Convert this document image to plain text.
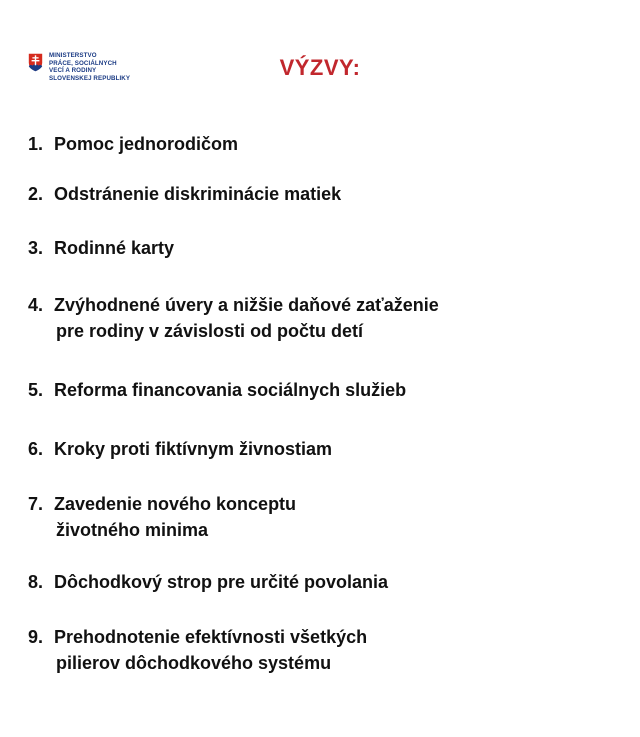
MINISTERSTVO
PRÁCE, SOCIÁLNYCH
VECÍ A RODINY
SLOVENSKEJ REPUBLIKY	VÝZVY:
1. Pomoc jednorodičom
2. Odstránenie diskriminácie matiek
3. Rodinné karty
4. Zvýhodnené úvery a nižšie daňové zaťaženie
pre rodiny v závislosti od počtu detí
5. Reforma financovania sociálnych služieb
6. Kroky proti fiktívnym živnostiam
7. Zavedenie nového konceptu
životného minima
8. Dôchodkový strop pre určité povolania
9. Prehodnotenie efektívnosti všetkých
pilierov dôchodkového systému
